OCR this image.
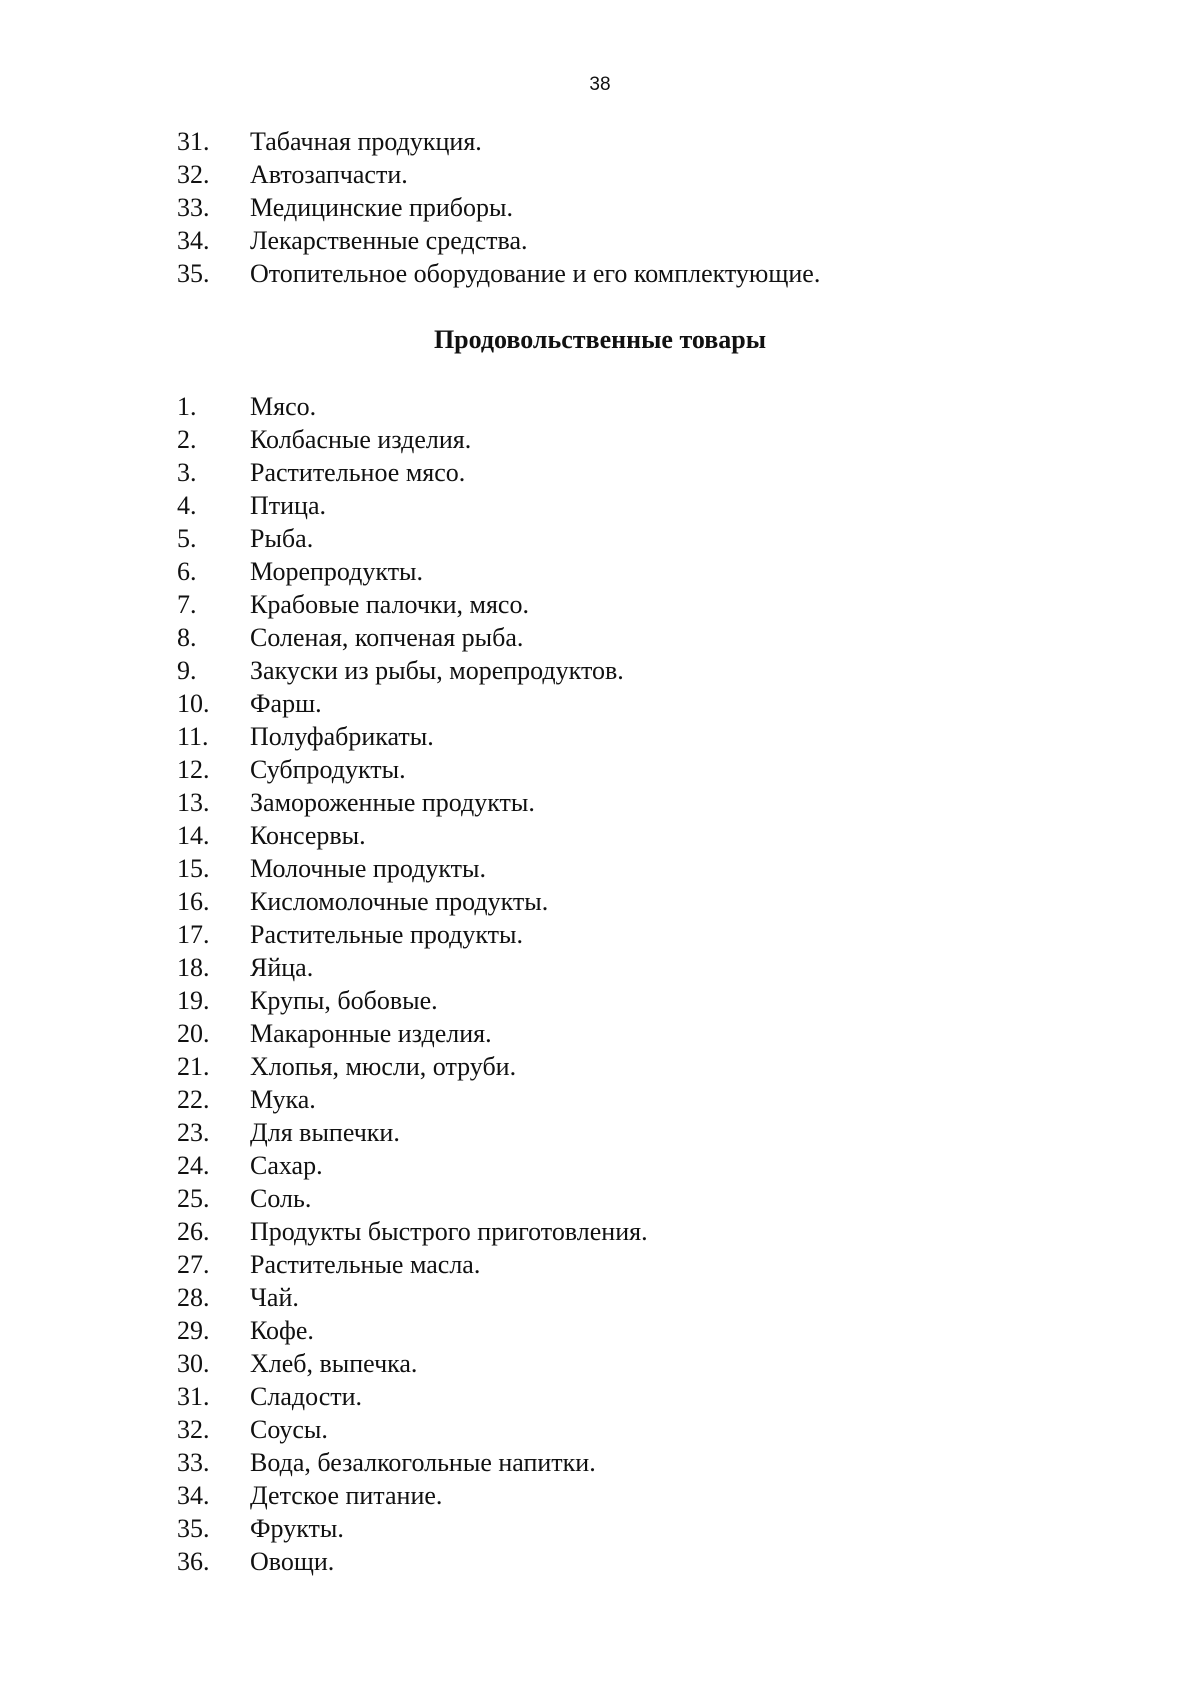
38
31. Табачная продукция.
32. Автозапчасти.
33. Медицинские приборы.
34. Лекарственные средства.
35. Отопительное оборудование и его комплектующие.
Продовольственные товары
1. Мясо.
2. Колбасные изделия.
3. Растительное мясо.
4. Птица.
5. Рыба.
6. Морепродукты.
7. Крабовые палочки, мясо.
8. Соленая, копченая рыба.
9. Закуски из рыбы, морепродуктов.
10. Фарш.
11. Полуфабрикаты.
12. Субпродукты.
13. Замороженные продукты.
14. Консервы.
15. Молочные продукты.
16. Кисломолочные продукты.
17. Растительные продукты.
18. Яйца.
19. Крупы, бобовые.
20. Макаронные изделия.
21. Хлопья, мюсли, отруби.
22. Мука.
23. Для выпечки.
24. Сахар.
25. Соль.
26. Продукты быстрого приготовления.
27. Растительные масла.
28. Чай.
29. Кофе.
30. Хлеб, выпечка.
31. Сладости.
32. Соусы.
33. Вода, безалкогольные напитки.
34. Детское питание.
35. Фрукты.
36. Овощи.
